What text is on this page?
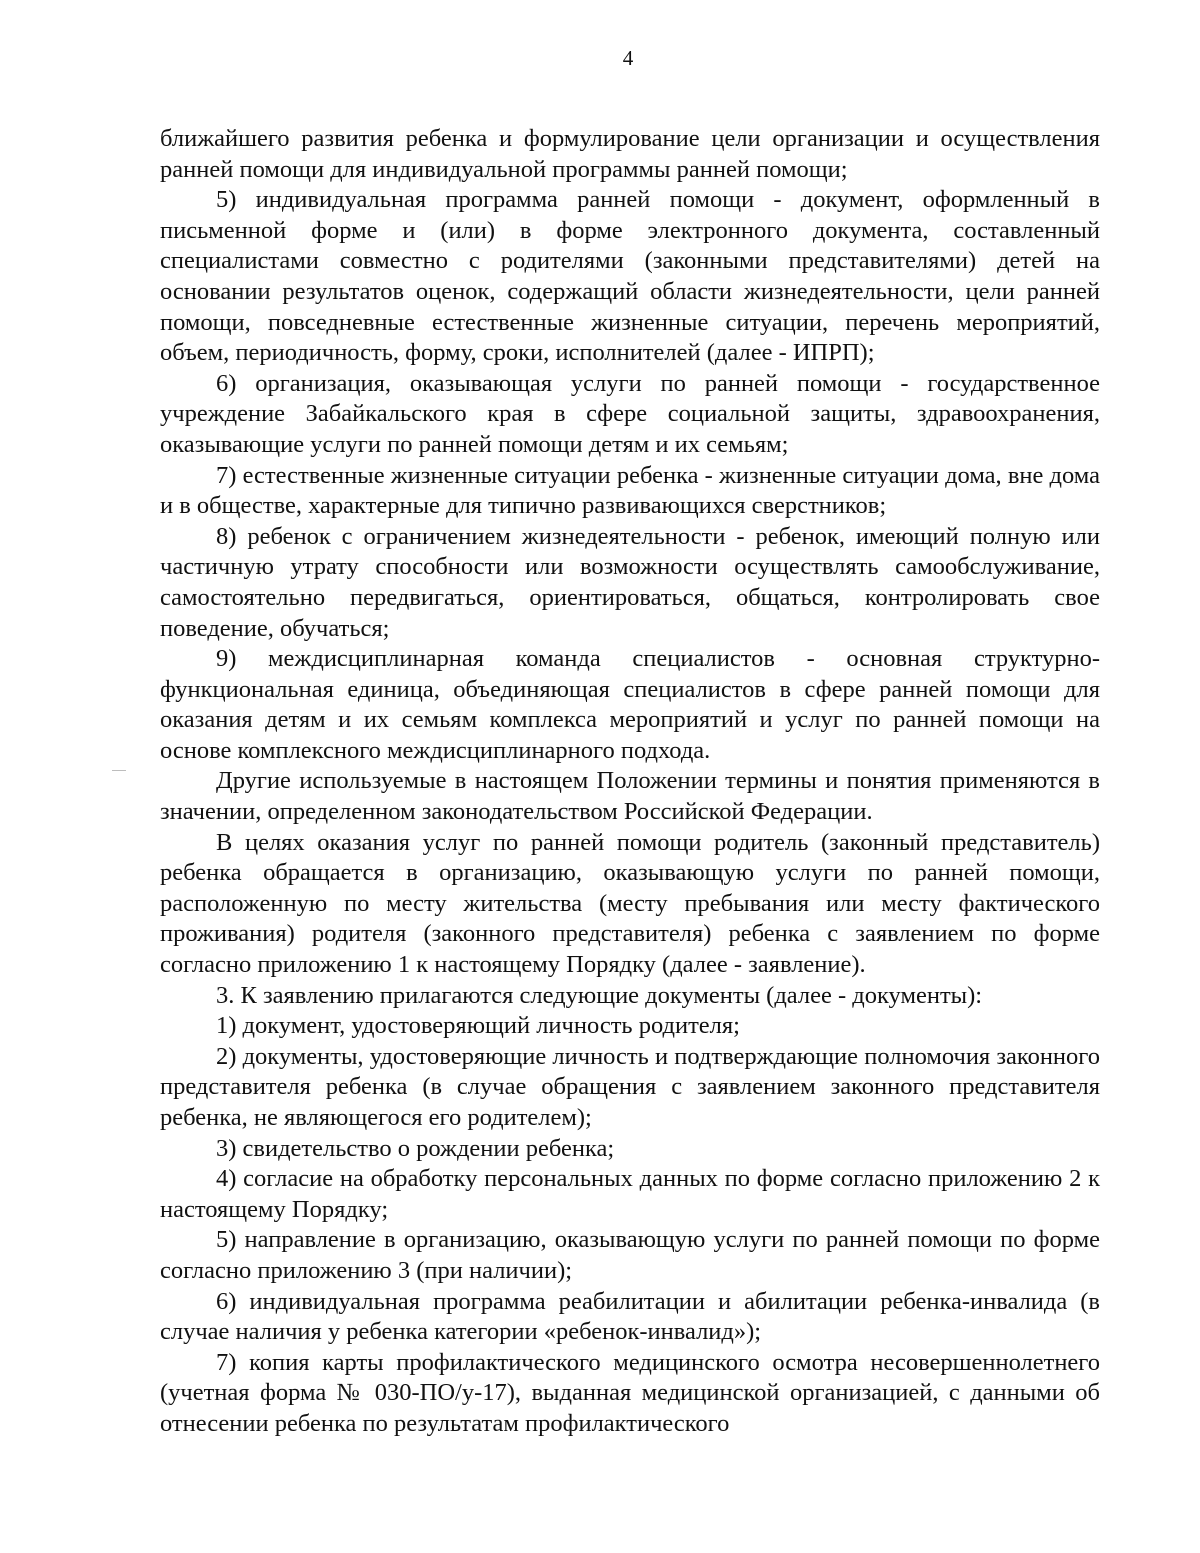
4

ближайшего развития ребенка и формулирование цели организации и осуществления ранней помощи для индивидуальной программы ранней помощи;

5) индивидуальная программа ранней помощи - документ, оформленный в письменной форме и (или) в форме электронного документа, составленный специалистами совместно с родителями (законными представителями) детей на основании результатов оценок, содержащий области жизнедеятельности, цели ранней помощи, повседневные естественные жизненные ситуации, перечень мероприятий, объем, периодичность, форму, сроки, исполнителей (далее - ИПРП);

6) организация, оказывающая услуги по ранней помощи - государственное учреждение Забайкальского края в сфере социальной защиты, здравоохранения, оказывающие услуги по ранней помощи детям и их семьям;

7) естественные жизненные ситуации ребенка - жизненные ситуации дома, вне дома и в обществе, характерные для типично развивающихся сверстников;

8) ребенок с ограничением жизнедеятельности - ребенок, имеющий полную или частичную утрату способности или возможности осуществлять самообслуживание, самостоятельно передвигаться, ориентироваться, общаться, контролировать свое поведение, обучаться;

9) междисциплинарная команда специалистов - основная структурно-функциональная единица, объединяющая специалистов в сфере ранней помощи для оказания детям и их семьям комплекса мероприятий и услуг по ранней помощи на основе комплексного междисциплинарного подхода.

Другие используемые в настоящем Положении термины и понятия применяются в значении, определенном законодательством Российской Федерации.

В целях оказания услуг по ранней помощи родитель (законный представитель) ребенка обращается в организацию, оказывающую услуги по ранней помощи, расположенную по месту жительства (месту пребывания или месту фактического проживания) родителя (законного представителя) ребенка с заявлением по форме согласно приложению 1 к настоящему Порядку (далее - заявление).

3. К заявлению прилагаются следующие документы (далее - документы):

1) документ, удостоверяющий личность родителя;

2) документы, удостоверяющие личность и подтверждающие полномочия законного представителя ребенка (в случае обращения с заявлением законного представителя ребенка, не являющегося его родителем);

3) свидетельство о рождении ребенка;

4) согласие на обработку персональных данных по форме согласно приложению 2 к настоящему Порядку;

5) направление в организацию, оказывающую услуги по ранней помощи по форме согласно приложению 3 (при наличии);

6) индивидуальная программа реабилитации и абилитации ребенка-инвалида (в случае наличия у ребенка категории «ребенок-инвалид»);

7) копия карты профилактического медицинского осмотра несовершеннолетнего (учетная форма № 030-ПО/у-17), выданная медицинской организацией, с данными об отнесении ребенка по результатам профилактического
